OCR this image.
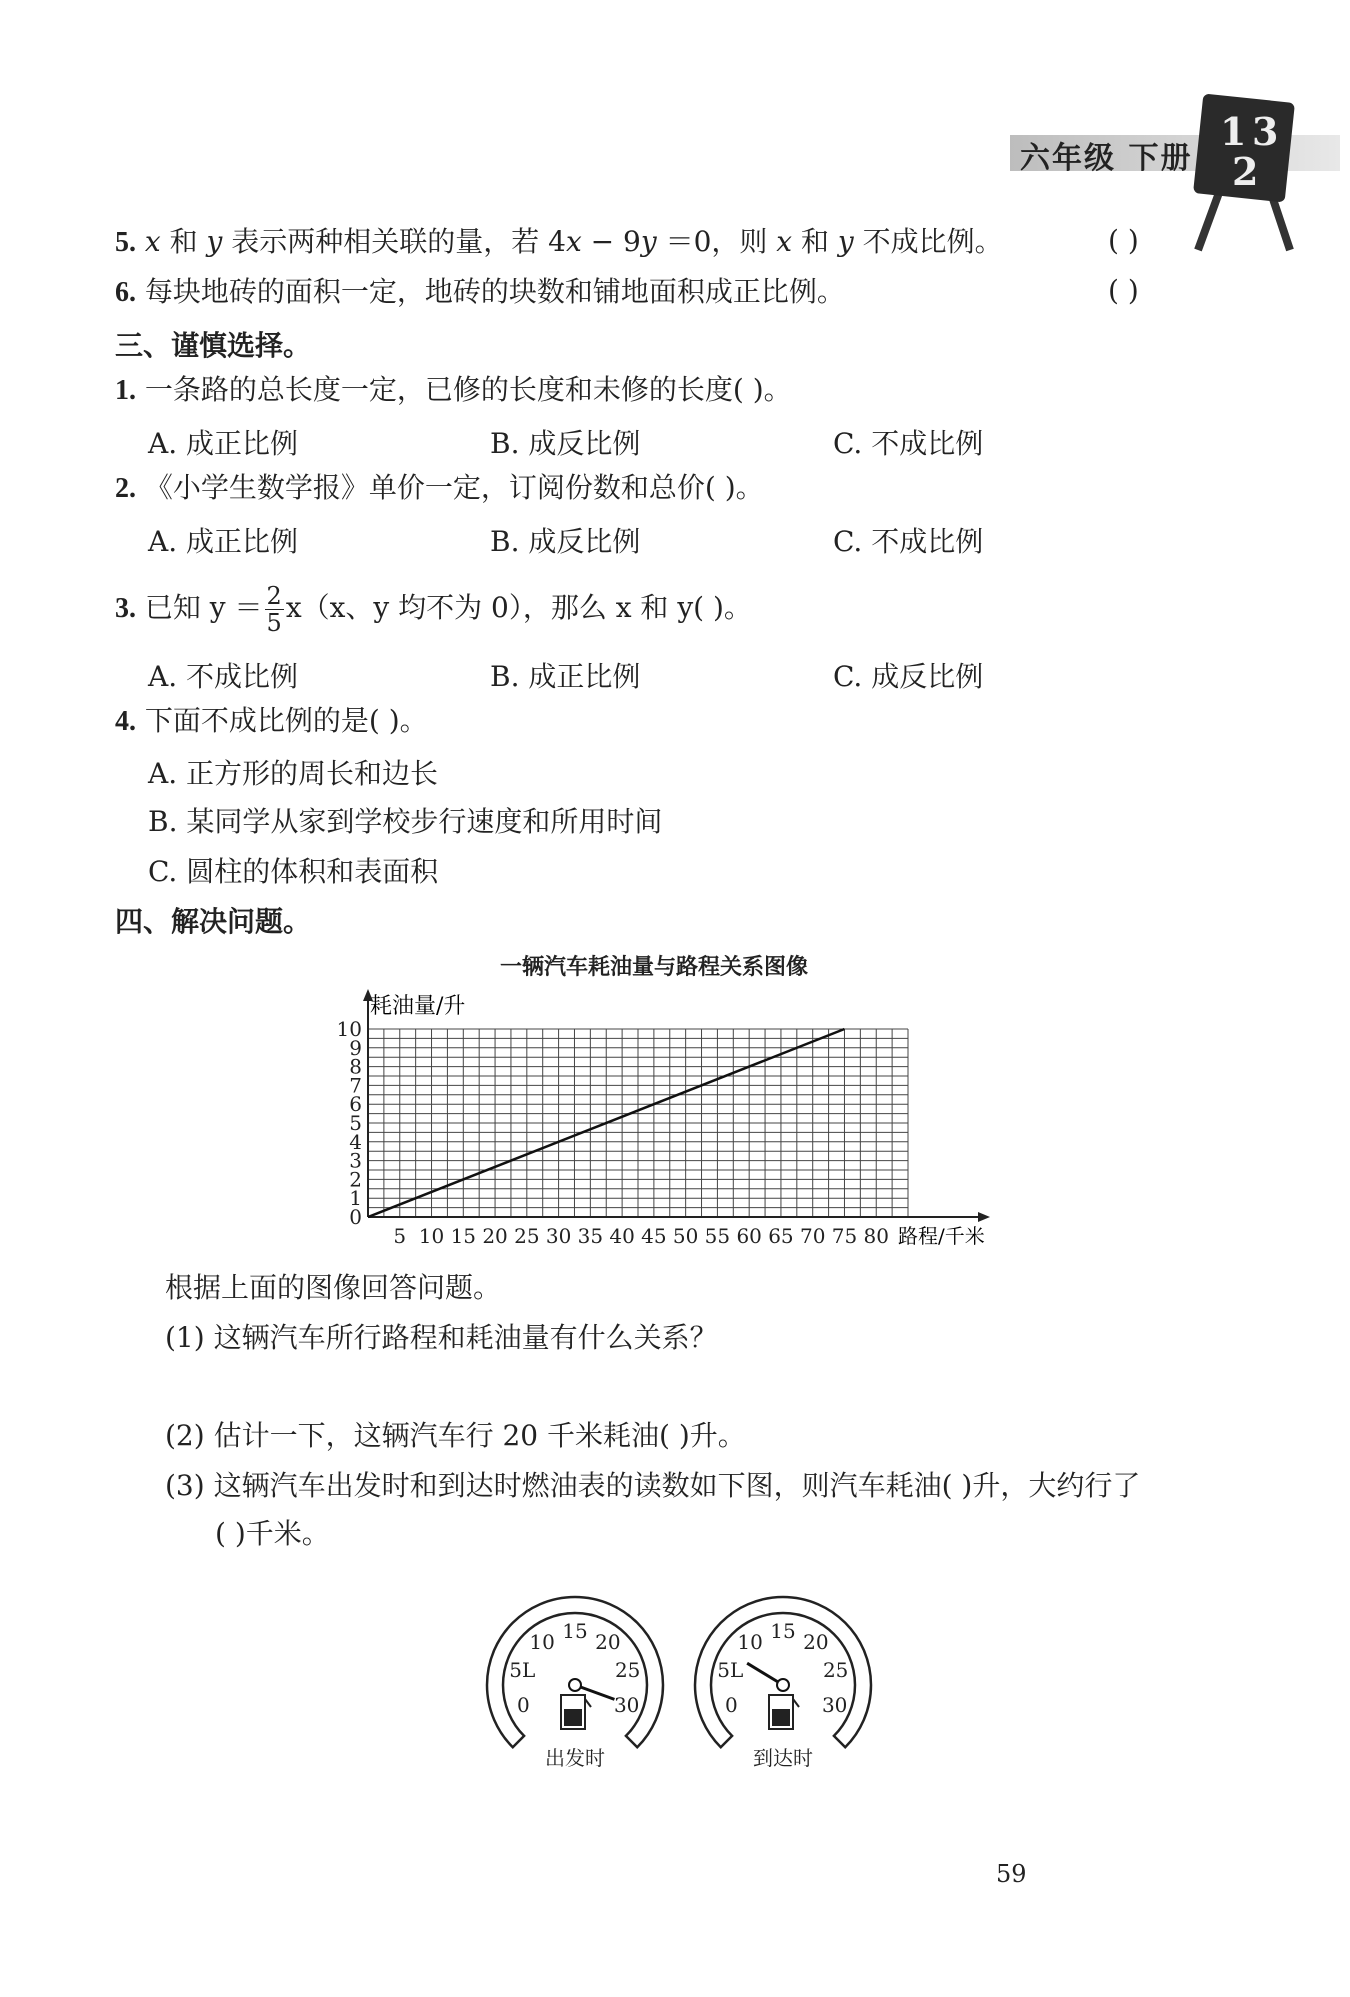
六年级 下册
1 3
2
5. x 和 y 表示两种相关联的量，若 4x − 9y ＝0，则 x 和 y 不成比例。	( )
6. 每块地砖的面积一定，地砖的块数和铺地面积成正比例。	( )
三、谨慎选择。
1. 一条路的总长度一定，已修的长度和未修的长度( )。
A. 成正比例	B. 成反比例	C. 不成比例
2. 《小学生数学报》单价一定，订阅份数和总价( )。
A. 成正比例	B. 成反比例	C. 不成比例
3. 已知 $y = \frac{2}{5} x(x$、y 均不为 0），那么 x 和 y( )。
A. 不成比例	B. 成正比例	C. 成反比例
4. 下面不成比例的是( )。
A. 正方形的周长和边长
B. 某同学从家到学校步行速度和所用时间
C. 圆柱的体积和表面积
四、解决问题。
一辆汽车耗油量与路程关系图像
5 10 15 20 25 30 35 40 45 50 55 60 65 70 75 80
0
1
2
3
4
5
6
7
8
9
10
耗油量/升
路程/千米
根据上面的图像回答问题。
(1) 这辆汽车所行路程和耗油量有什么关系？
(2) 估计一下，这辆汽车行 20 千米耗油( )升。
(3) 这辆汽车出发时和到达时燃油表的读数如下图，则汽车耗油( )升，大约行了
( )千米。
0
5L
10 15 20
25
30
出发时
0
5L
10 15 20
25
30
到达时
59
